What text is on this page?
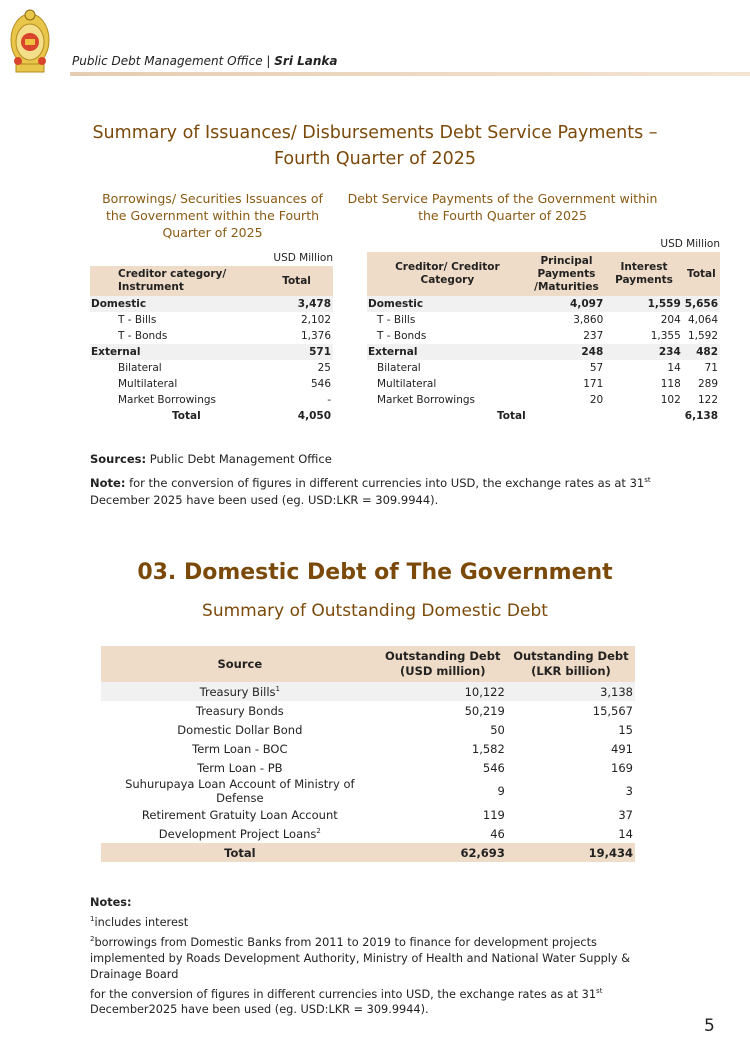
Public Debt Management Office | Sri Lanka
Summary of Issuances/ Disbursements Debt Service Payments –
Fourth Quarter of 2025
Borrowings/ Securities Issuances of the Government within the Fourth Quarter of 2025
Debt Service Payments of the Government within the Fourth Quarter of 2025
USD Million
Creditor category/ Instrument	Total
Domestic	3,478
T - Bills	2,102
T - Bonds	1,376
External	571
Bilateral	25
Multilateral	546
Market Borrowings	-
Total	4,050
USD Million
Creditor/ Creditor Category	Principal Payments /Maturities	Interest Payments	Total
Domestic	4,097	1,559	5,656
T - Bills	3,860	204	4,064
T - Bonds	237	1,355	1,592
External	248	234	482
Bilateral	57	14	71
Multilateral	171	118	289
Market Borrowings	20	102	122
Total			6,138
Sources: Public Debt Management Office
Note: for the conversion of figures in different currencies into USD, the exchange rates as at 31st December 2025 have been used (eg. USD:LKR = 309.9944).
03. Domestic Debt of The Government
Summary of Outstanding Domestic Debt
Source	Outstanding Debt (USD million)	Outstanding Debt (LKR billion)
Treasury Bills$^1$	10,122	3,138
Treasury Bonds	50,219	15,567
Domestic Dollar Bond	50	15
Term Loan - BOC	1,582	491
Term Loan - PB	546	169
Suhurupaya Loan Account of Ministry of Defense	9	3
Retirement Gratuity Loan Account	119	37
Development Project Loans$^2$	46	14
Total	62,693	19,434
Notes:
$^1$includes interest
$^2$borrowings from Domestic Banks from 2011 to 2019 to finance for development projects implemented by Roads Development Authority, Ministry of Health and National Water Supply & Drainage Board
for the conversion of figures in different currencies into USD, the exchange rates as at 31st December2025 have been used (eg. USD:LKR = 309.9944).
5
